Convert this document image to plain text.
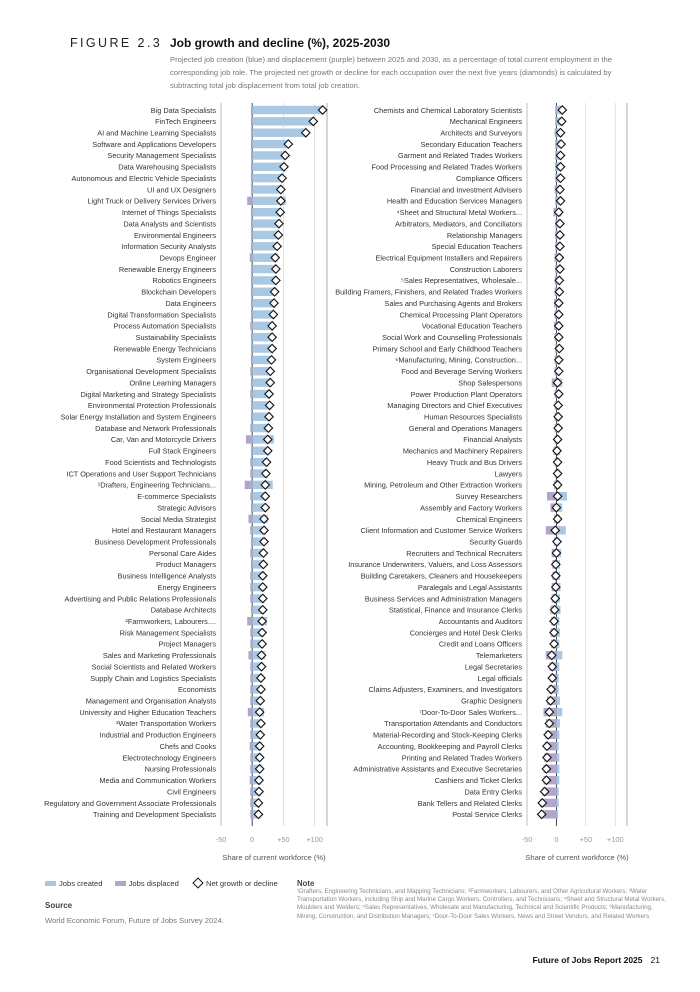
FIGURE 2.3 Job growth and decline (%), 2025-2030
Projected job creation (blue) and displacement (purple) between 2025 and 2030, as a percentage of total current employment in the corresponding job role. The projected net growth or decline for each occupation over the next five years (diamonds) is calculated by subtracting total job displacement from total job creation.
-50	0	+50 +100
Share of current workforce (%)
Big Data Specialists
FinTech Engineers
AI and Machine Learning Specialists
Software and Applications Developers
Security Management Specialists
Data Warehousing Specialists
Autonomous and Electric Vehicle Specialists
UI and UX Designers
Light Truck or Delivery Services Drivers
Internet of Things Specialists
Data Analysts and Scientists
Environmental Engineers
Information Security Analysts
Devops Engineer
Renewable Energy Engineers
Robotics Engineers
Blockchain Developers
Data Engineers
Digital Transformation Specialists
Process Automation Specialists
Sustainability Specialists
Renewable Energy Technicians
System Engineers
Organisational Development Specialists
Online Learning Managers
Digital Marketing and Strategy Specialists
Environmental Protection Professionals
Solar Energy Installation and System Engineers
Database and Network Professionals
Car, Van and Motorcycle Drivers
Full Stack Engineers
Food Scientists and Technologists
ICT Operations and User Support Technicians
¹Drafters, Engineering Technicians...
E-commerce Specialists
Strategic Advisors
Social Media Strategist
Hotel and Restaurant Managers
Business Development Professionals
Personal Care Aides
Product Managers
Business Intelligence Analysts
Energy Engineers
Advertising and Public Relations Professionals
Database Architects
²Farmworkers, Labourers....
Risk Management Specialists
Project Managers
Sales and Marketing Professionals
Social Scientists and Related Workers
Supply Chain and Logistics Specialists
Economists
Management and Organisation Analysts
University and Higher Education Teachers
³Water Transportation Workers
Industrial and Production Engineers
Chefs and Cooks
Electrotechnology Engineers
Nursing Professionals
Media and Communication Workers
Civil Engineers
Regulatory and Government Associate Professionals
Training and Development Specialists
-50	0	+50 +100
Share of current workforce (%)
Chemists and Chemical Laboratory Scientists
Mechanical Engineers
Architects and Surveyors
Secondary Education Teachers
Garment and Related Trades Workers
Food Processing and Related Trades Workers
Compliance Officers
Financial and Investment Advisers
Health and Education Services Managers
⁴Sheet and Structural Metal Workers...
Arbitrators, Mediators, and Conciliators
Relationship Managers
Special Education Teachers
Electrical Equipment Installers and Repairers
Construction Laborers
⁵Sales Representatives, Wholesale...
Building Framers, Finishers, and Related Trades Workers
Sales and Purchasing Agents and Brokers
Chemical Processing Plant Operators
Vocational Education Teachers
Social Work and Counselling Professionals
Primary School and Early Childhood Teachers
⁶Manufacturing, Mining, Construction...
Food and Beverage Serving Workers
Shop Salespersons
Power Production Plant Operators
Managing Directors and Chief Executives
Human Resources Specialists
General and Operations Managers
Financial Analysts
Mechanics and Machinery Repairers
Heavy Truck and Bus Drivers
Lawyers
Mining, Petroleum and Other Extraction Workers
Survey Researchers
Assembly and Factory Workers
Chemical Engineers
Client Information and Customer Service Workers
Security Guards
Recruiters and Technical Recruiters
Insurance Underwriters, Valuers, and Loss Assessors
Building Caretakers, Cleaners and Housekeepers
Paralegals and Legal Assistants
Business Services and Administration Managers
Statistical, Finance and Insurance Clerks
Accountants and Auditors
Concierges and Hotel Desk Clerks
Credit and Loans Officers
Telemarketers
Legal Secretaries
Legal officials
Claims Adjusters, Examiners, and Investigators
Graphic Designers
⁷Door-To-Door Sales Workers...
Transportation Attendants and Conductors
Material-Recording and Stock-Keeping Clerks
Accounting, Bookkeeping and Payroll Clerks
Printing and Related Trades Workers
Administrative Assistants and Executive Secretaries
Cashiers and Ticket Clerks
Data Entry Clerks
Bank Tellers and Related Clerks
Postal Service Clerks
Jobs created	Jobs displaced	Net growth or decline
Source
World Economic Forum, Future of Jobs Survey 2024.
Note
¹Drafters, Engineering Technicians, and Mapping Technicians; ²Farmworkers, Labourers, and Other Agricultural Workers; ³Water Transportation Workers, including Ship and Marine Cargo Workers, Controllers, and Technicians; ⁴Sheet and Structural Metal Workers, Moulders and Welders; ⁵Sales Representatives, Wholesale and Manufacturing, Technical and Scientific Products; ⁶Manufacturing, Mining, Construction, and Distribution Managers; ⁷Door-To-Door Sales Workers, News and Street Vendors, and Related Workers
Future of Jobs Report 2025 21
